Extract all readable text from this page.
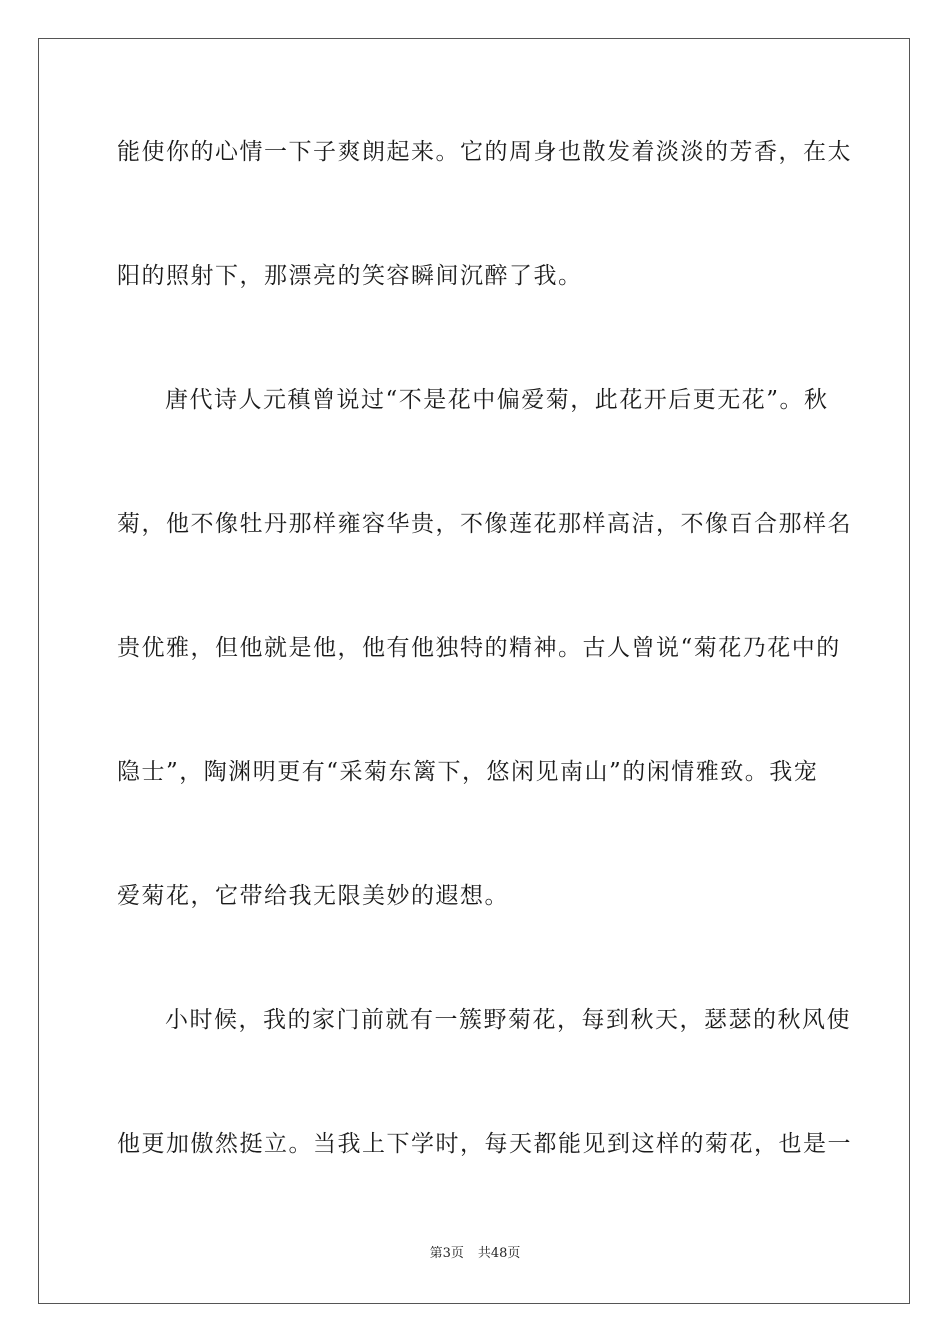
能使你的心情一下子爽朗起来。它的周身也散发着淡淡的芳香，在太
阳的照射下，那漂亮的笑容瞬间沉醉了我。
唐代诗人元稹曾说过“不是花中偏爱菊，此花开后更无花”。秋
菊，他不像牡丹那样雍容华贵，不像莲花那样高洁，不像百合那样名
贵优雅，但他就是他，他有他独特的精神。古人曾说“菊花乃花中的
隐士”，陶渊明更有“采菊东篱下，悠闲见南山”的闲情雅致。我宠
爱菊花，它带给我无限美妙的遐想。
小时候，我的家门前就有一簇野菊花，每到秋天，瑟瑟的秋风使
他更加傲然挺立。当我上下学时，每天都能见到这样的菊花，也是一
第3页 共48页
